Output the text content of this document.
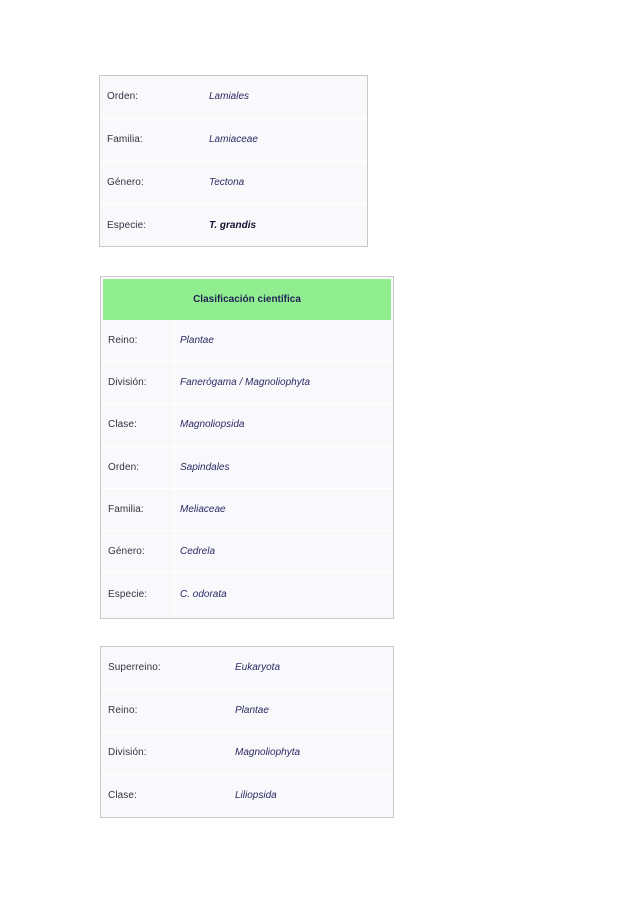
Orden:	Lamiales
Familia:	Lamiaceae
Género:	Tectona
Especie:	T. grandis
Clasificación científica
Reino:	Plantae
División:	Fanerógama / Magnoliophyta
Clase:	Magnoliopsida
Orden:	Sapindales
Familia:	Meliaceae
Género:	Cedrela
Especie:	C. odorata
Superreino:	Eukaryota
Reino:	Plantae
División:	Magnoliophyta
Clase:	Liliopsida
